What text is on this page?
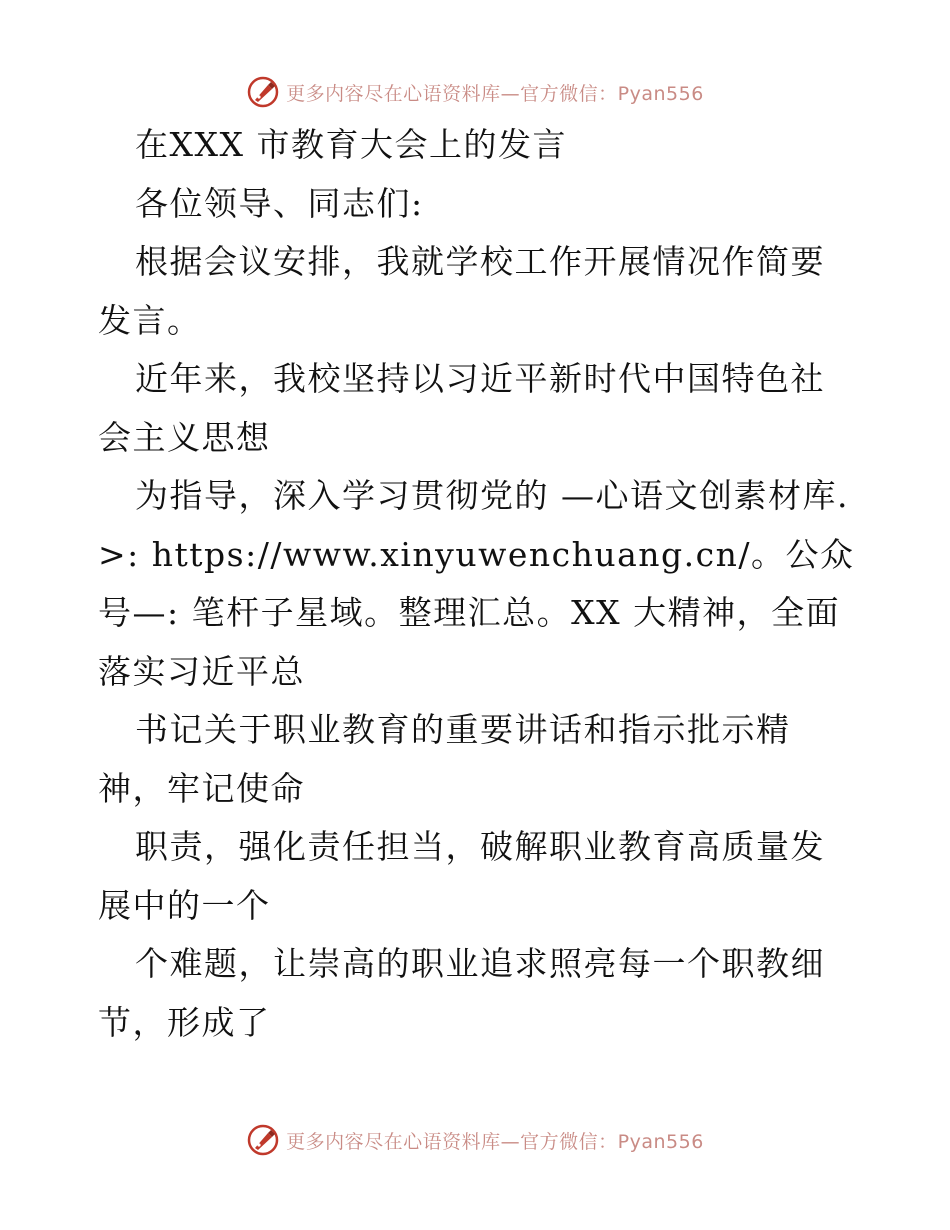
更多内容尽在心语资料库—官方微信：Pyan556

在XXX 市教育大会上的发言

各位领导、同志们:

根据会议安排，我就学校工作开展情况作简要发言。

近年来，我校坚持以习近平新时代中国特色社会主义思想

为指导，深入学习贯彻党的 —心语文创素材库.>: https://www.xinyuwenchuang.cn/。公众号—: 笔杆子星域。整理汇总。XX 大精神，全面落实习近平总

书记关于职业教育的重要讲话和指示批示精神，牢记使命

职责，强化责任担当，破解职业教育高质量发展中的一个

个难题，让崇高的职业追求照亮每一个职教细节，形成了

更多内容尽在心语资料库—官方微信：Pyan556
